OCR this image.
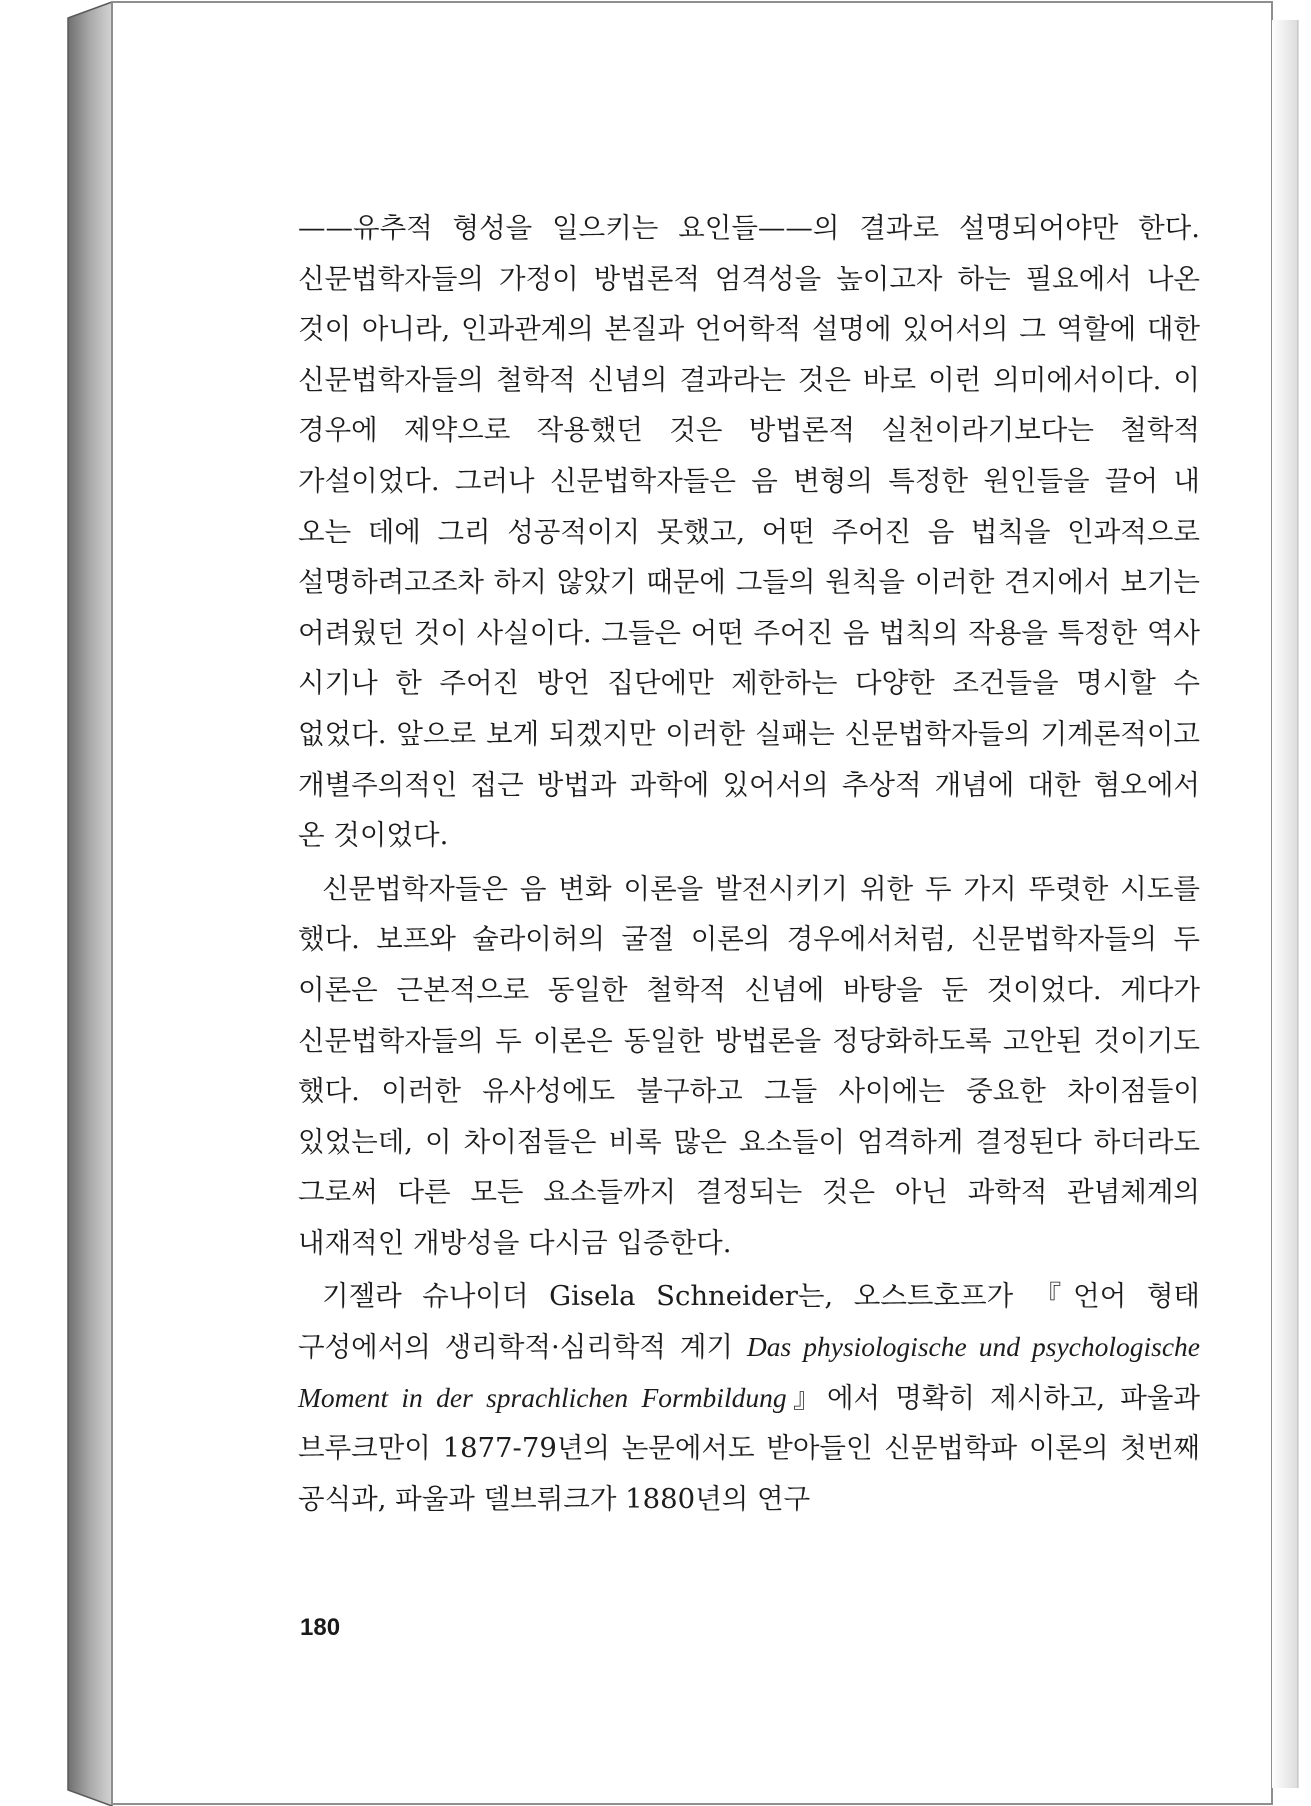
——유추적 형성을 일으키는 요인들——의 결과로 설명되어야만 한다. 신문법학자들의 가정이 방법론적 엄격성을 높이고자 하는 필요에서 나온 것이 아니라, 인과관계의 본질과 언어학적 설명에 있어서의 그 역할에 대한 신문법학자들의 철학적 신념의 결과라는 것은 바로 이런 의미에서이다. 이 경우에 제약으로 작용했던 것은 방법론적 실천이라기보다는 철학적 가설이었다. 그러나 신문법학자들은 음 변형의 특정한 원인들을 끌어 내 오는 데에 그리 성공적이지 못했고, 어떤 주어진 음 법칙을 인과적으로 설명하려고조차 하지 않았기 때문에 그들의 원칙을 이러한 견지에서 보기는 어려웠던 것이 사실이다. 그들은 어떤 주어진 음 법칙의 작용을 특정한 역사 시기나 한 주어진 방언 집단에만 제한하는 다양한 조건들을 명시할 수 없었다. 앞으로 보게 되겠지만 이러한 실패는 신문법학자들의 기계론적이고 개별주의적인 접근 방법과 과학에 있어서의 추상적 개념에 대한 혐오에서 온 것이었다.

신문법학자들은 음 변화 이론을 발전시키기 위한 두 가지 뚜렷한 시도를 했다. 보프와 슐라이허의 굴절 이론의 경우에서처럼, 신문법학자들의 두 이론은 근본적으로 동일한 철학적 신념에 바탕을 둔 것이었다. 게다가 신문법학자들의 두 이론은 동일한 방법론을 정당화하도록 고안된 것이기도 했다. 이러한 유사성에도 불구하고 그들 사이에는 중요한 차이점들이 있었는데, 이 차이점들은 비록 많은 요소들이 엄격하게 결정된다 하더라도 그로써 다른 모든 요소들까지 결정되는 것은 아닌 과학적 관념체계의 내재적인 개방성을 다시금 입증한다.

기젤라 슈나이더 Gisela Schneider는, 오스트호프가 『언어 형태 구성에서의 생리학적·심리학적 계기 Das physiologische und psychologische Moment in der sprachlichen Formbildung』에서 명확히 제시하고, 파울과 브루크만이 1877-79년의 논문에서도 받아들인 신문법학파 이론의 첫번째 공식과, 파울과 델브뤼크가 1880년의 연구

180
